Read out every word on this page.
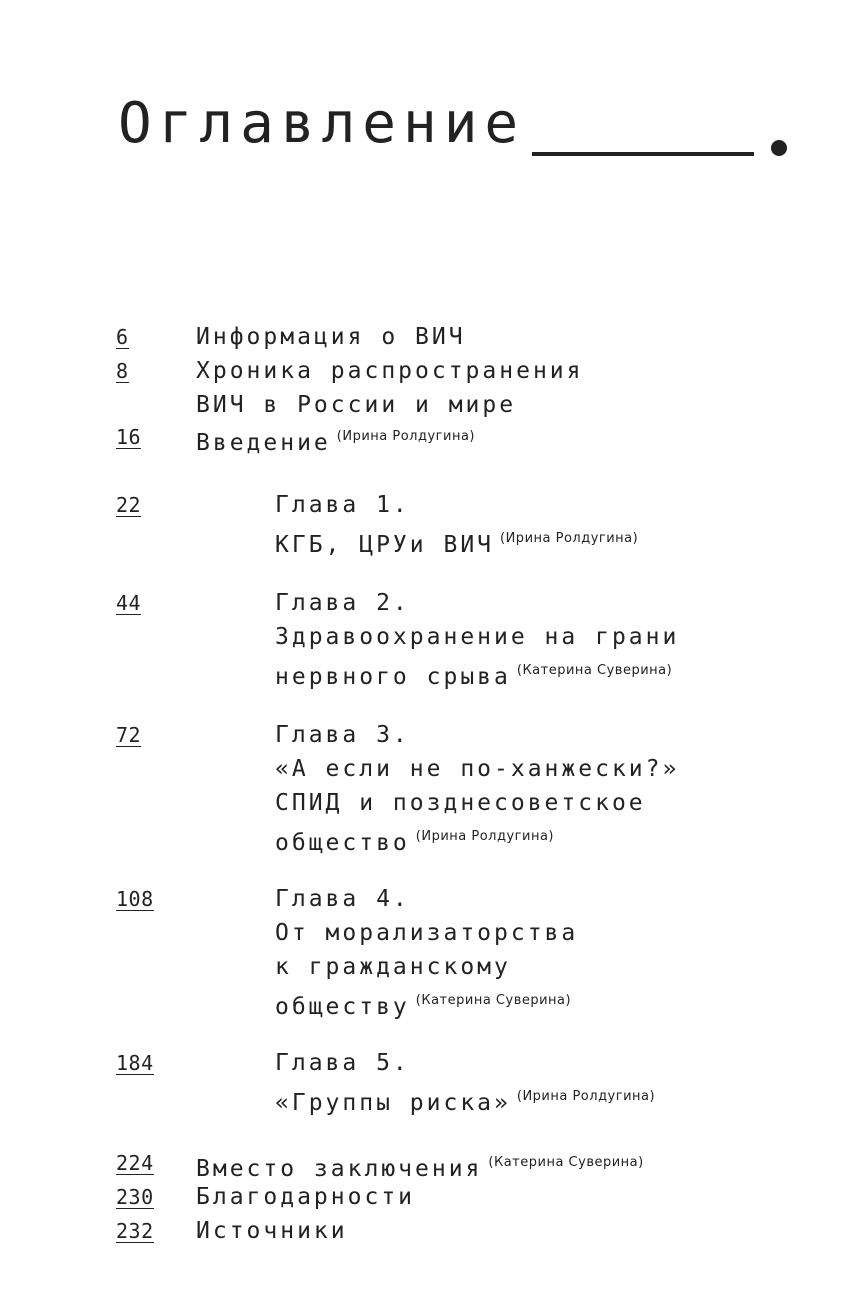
Оглавление
6	Информация о ВИЧ
8	Хроника распространения
ВИЧ в России и мире
16 Введение $^{(Ирина Ролдугина)}$
22	Глава 1.
КГБ, ЦРУи ВИЧ $^{(Ирина Ролдугина)}$
44	Глава 2.
Здравоохранение на грани
нервного срыва $^{(Катерина Суверина)}$
72	Глава 3.
«А если не по-ханжески?»
СПИД и позднесоветское
общество $^{(Ирина Ролдугина)}$
108	Глава 4.
От морализаторства
к гражданскому
обществу $^{(Катерина Суверина)}$
184	Глава 5.
«Группы риска» $^{(Ирина Ролдугина)}$
224 Вместо заключения $^{(Катерина Суверина)}$
230 Благодарности
232 Источники
